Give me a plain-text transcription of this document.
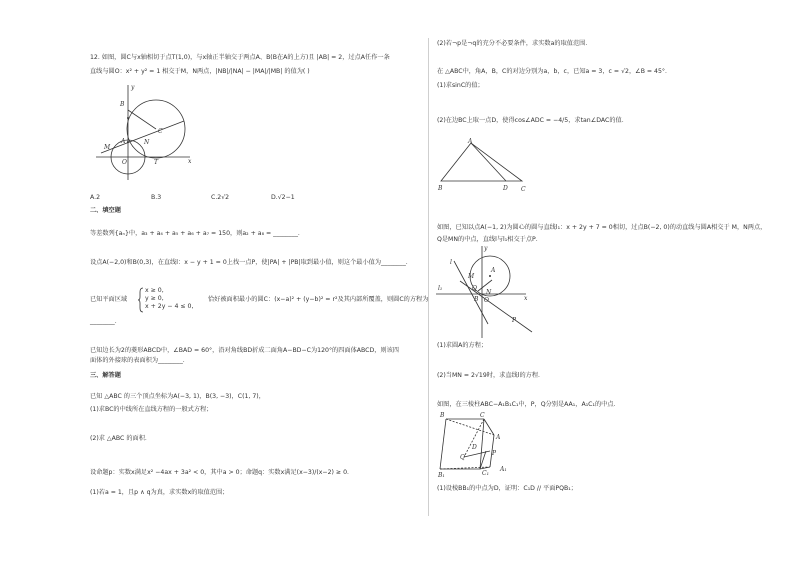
12. 如图，圆C与x轴相切于点T(1,0)，与x轴正半轴交于两点A、B(B在A的上方)且 |AB| = 2，过点A任作一条
直线与圆O：x² + y² = 1 相交于M，N两点，|NB|/|NA| − |MA|/|MB| 的值为( )
y
B
A
C
M
N
O	T	x
A.2	B.3	C.2√2	D.√2−1
二、填空题
等差数列{aₙ}中，a₃ + a₄ + a₅ + a₆ + a₇ = 150，则a₂ + a₈ = ________．
设点A(−2,0)和B(0,3)，在直线l：x − y + 1 = 0上找一点P，使|PA| + |PB|取到最小值，则这个最小值为________．
已知平面区域
x ≥ 0,
y ≥ 0,
x + 2y − 4 ≤ 0,
恰好被面积最小的圆C：(x−a)² + (y−b)² = r²及其内部所覆盖，则圆C的方程为
________．
已知边长为2的菱形ABCD中，∠BAD = 60°，沿对角线BD折成二面角A−BD−C为120°的四面体ABCD，则该四
面体的外接球的表面积为________．
三、解答题
已知 △ABC 的三个顶点坐标为A(−3, 1)，B(3, −3)，C(1, 7)，
(1)求BC的中线所在直线方程的一般式方程；
(2)求 △ABC 的面积．
设命题p：实数x满足x² −4ax + 3a² < 0，其中a > 0；命题q：实数x满足(x−3)/(x−2) ≥ 0．
(1)若a = 1，且p ∧ q为真，求实数x的取值范围；
(2)若¬p是¬q的充分不必要条件，求实数a的取值范围．
在 △ABC中，角A，B，C的对边分别为a，b，c，已知a = 3，c = √2，∠B = 45°．
(1)求sinC的值；
(2)在边BC上取一点D，使得cos∠ADC = −4/5，求tan∠DAC的值．
A
B	D C
如图，已知以点A(−1, 2)为圆心的圆与直线l₁：x + 2y + 7 = 0相切，过点B(−2, 0)的动直线与圆A相交于 M，N两点，
Q是MN的中点，直线l与l₁相交于点P．
y
l
M
A
N
Q
B O	x
l₁
P
(1)求圆A的方程；
(2)当MN = 2√19时，求直线l的方程．
如图，在三棱柱ABC−A₁B₁C₁中，P，Q分别是AA₁，A₁C₁的中点．
C
C₁
A
B
P
Q
D
A₁
B₁
(1)设棱BB₁的中点为D，证明：C₁D // 平面PQB₁；
